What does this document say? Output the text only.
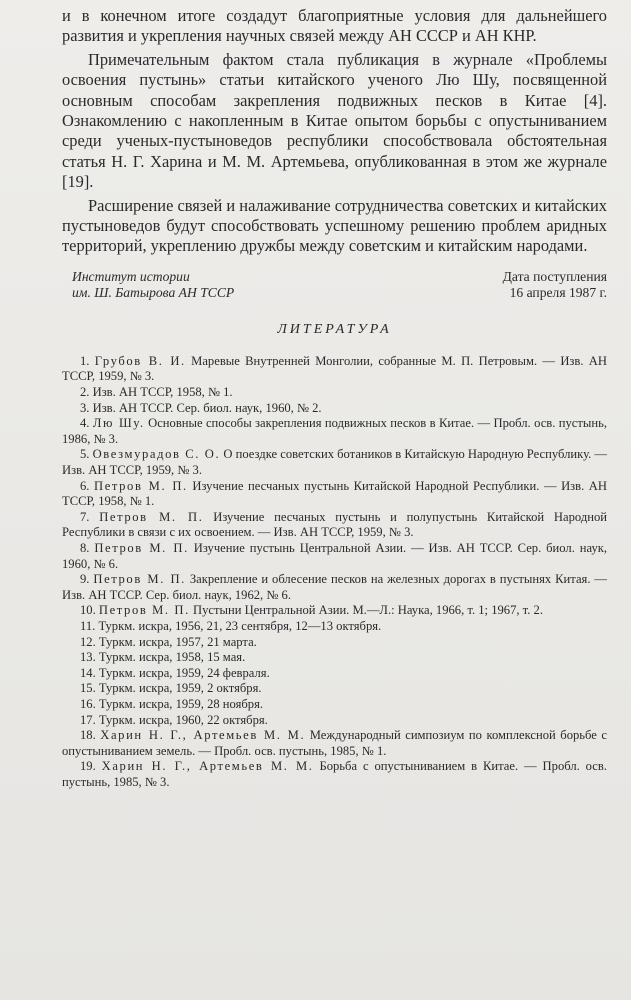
и в конечном итоге создадут благоприятные условия для дальнейшего развития и укрепления научных связей между АН СССР и АН КНР.

Примечательным фактом стала публикация в журнале «Проблемы освоения пустынь» статьи китайского ученого Лю Шу, посвященной основным способам закрепления подвижных песков в Китае [4]. Ознакомлению с накопленным в Китае опытом борьбы с опустыниванием среди ученых-пустыноведов республики способствовала обстоятельная статья Н. Г. Харина и М. М. Артемьева, опубликованная в этом же журнале [19].

Расширение связей и налаживание сотрудничества советских и китайских пустыноведов будут способствовать успешному решению проблем аридных территорий, укреплению дружбы между советским и китайским народами.

Институт истории
им. Ш. Батырова АН ТССР
Дата поступления
16 апреля 1987 г.
ЛИТЕРАТУРА
1. Грубов В. И. Маревые Внутренней Монголии, собранные М. П. Петровым. — Изв. АН ТССР, 1959, № 3.
2. Изв. АН ТССР, 1958, № 1.
3. Изв. АН ТССР. Сер. биол. наук, 1960, № 2.
4. Лю Шу. Основные способы закрепления подвижных песков в Китае. — Пробл. осв. пустынь, 1986, № 3.
5. Овезмурадов С. О. О поездке советских ботаников в Китайскую Народную Республику. — Изв. АН ТССР, 1959, № 3.
6. Петров М. П. Изучение песчаных пустынь Китайской Народной Республики. — Изв. АН ТССР, 1958, № 1.
7. Петров М. П. Изучение песчаных пустынь и полупустынь Китайской Народной Республики в связи с их освоением. — Изв. АН ТССР, 1959, № 3.
8. Петров М. П. Изучение пустынь Центральной Азии. — Изв. АН ТССР. Сер. биол. наук, 1960, № 6.
9. Петров М. П. Закрепление и облесение песков на железных дорогах в пустынях Китая. — Изв. АН ТССР. Сер. биол. наук, 1962, № 6.
10. Петров М. П. Пустыни Центральной Азии. М.—Л.: Наука, 1966, т. 1; 1967, т. 2.
11. Туркм. искра, 1956, 21, 23 сентября, 12—13 октября.
12. Туркм. искра, 1957, 21 марта.
13. Туркм. искра, 1958, 15 мая.
14. Туркм. искра, 1959, 24 февраля.
15. Туркм. искра, 1959, 2 октября.
16. Туркм. искра, 1959, 28 ноября.
17. Туркм. искра, 1960, 22 октября.
18. Харин Н. Г., Артемьев М. М. Международный симпозиум по комплексной борьбе с опустыниванием земель. — Пробл. осв. пустынь, 1985, № 1.
19. Харин Н. Г., Артемьев М. М. Борьба с опустыниванием в Китае. — Пробл. осв. пустынь, 1985, № 3.
